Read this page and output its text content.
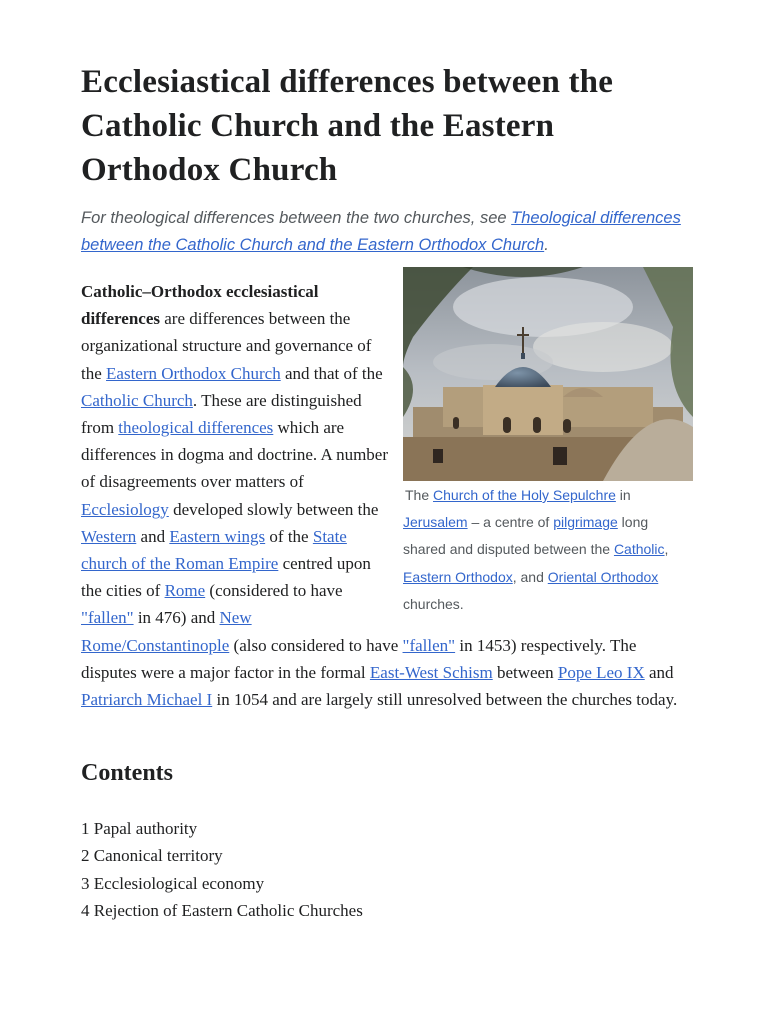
Ecclesiastical differences between the Catholic Church and the Eastern Orthodox Church

For theological differences between the two churches, see Theological differences between the Catholic Church and the Eastern Orthodox Church.

The Church of the Holy Sepulchre in Jerusalem – a centre of pilgrimage long shared and disputed between the Catholic, Eastern Orthodox, and Oriental Orthodox churches.
Catholic–Orthodox ecclesiastical differences are differences between the organizational structure and governance of the Eastern Orthodox Church and that of the Catholic Church. These are distinguished from theological differences which are differences in dogma and doctrine. A number of disagreements over matters of Ecclesiology developed slowly between the Western and Eastern wings of the State church of the Roman Empire centred upon the cities of Rome (considered to have "fallen" in 476) and New Rome/Constantinople (also considered to have "fallen" in 1453) respectively. The disputes were a major factor in the formal East-West Schism between Pope Leo IX and Patriarch Michael I in 1054 and are largely still unresolved between the churches today.

Contents
1 Papal authority
2 Canonical territory
3 Ecclesiological economy
4 Rejection of Eastern Catholic Churches
